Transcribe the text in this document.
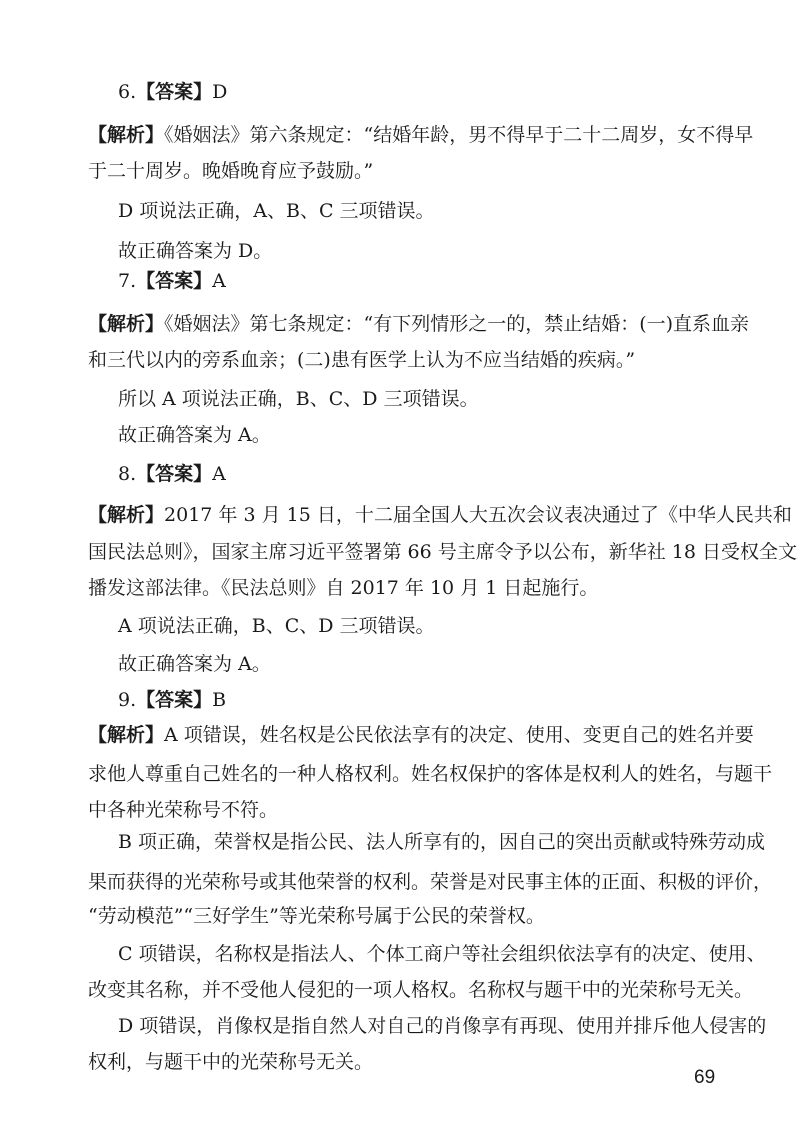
6.【答案】D
【解析】《婚姻法》第六条规定：“结婚年龄，男不得早于二十二周岁，女不得早
于二十周岁。晚婚晚育应予鼓励。”
D 项说法正确，A、B、C 三项错误。
故正确答案为 D。
7.【答案】A
【解析】《婚姻法》第七条规定：“有下列情形之一的，禁止结婚：(一)直系血亲
和三代以内的旁系血亲；(二)患有医学上认为不应当结婚的疾病。”
所以 A 项说法正确，B、C、D 三项错误。
故正确答案为 A。
8.【答案】A
【解析】2017 年 3 月 15 日，十二届全国人大五次会议表决通过了《中华人民共和
国民法总则》，国家主席习近平签署第 66 号主席令予以公布，新华社 18 日受权全文
播发这部法律。《民法总则》自 2017 年 10 月 1 日起施行。
A 项说法正确，B、C、D 三项错误。
故正确答案为 A。
9.【答案】B
【解析】A 项错误，姓名权是公民依法享有的决定、使用、变更自己的姓名并要
求他人尊重自己姓名的一种人格权利。姓名权保护的客体是权利人的姓名，与题干
中各种光荣称号不符。
B 项正确，荣誉权是指公民、法人所享有的，因自己的突出贡献或特殊劳动成
果而获得的光荣称号或其他荣誉的权利。荣誉是对民事主体的正面、积极的评价，
“劳动模范”“三好学生”等光荣称号属于公民的荣誉权。
C 项错误，名称权是指法人、个体工商户等社会组织依法享有的决定、使用、
改变其名称，并不受他人侵犯的一项人格权。名称权与题干中的光荣称号无关。
D 项错误，肖像权是指自然人对自己的肖像享有再现、使用并排斥他人侵害的
权利，与题干中的光荣称号无关。
69
